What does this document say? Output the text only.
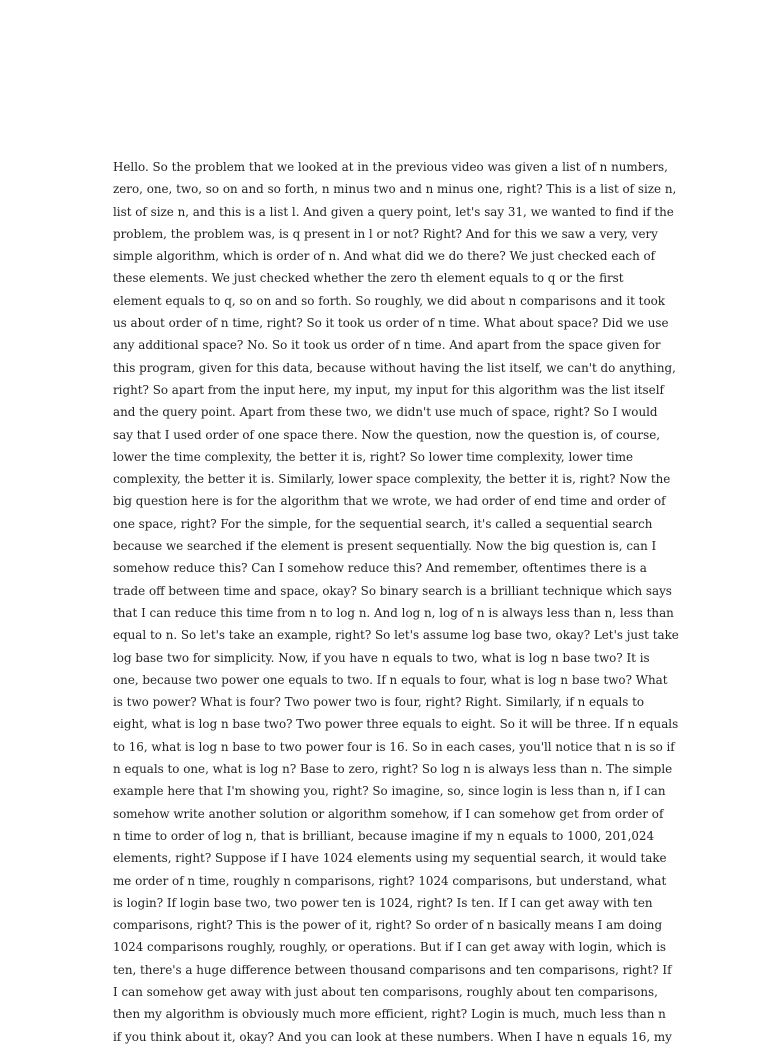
Hello. So the problem that we looked at in the previous video was given a list of n numbers,
zero, one, two, so on and so forth, n minus two and n minus one, right? This is a list of size n,
list of size n, and this is a list l. And given a query point, let's say 31, we wanted to find if the
problem, the problem was, is q present in l or not? Right? And for this we saw a very, very
simple algorithm, which is order of n. And what did we do there? We just checked each of
these elements. We just checked whether the zero th element equals to q or the first
element equals to q, so on and so forth. So roughly, we did about n comparisons and it took
us about order of n time, right? So it took us order of n time. What about space? Did we use
any additional space? No. So it took us order of n time. And apart from the space given for
this program, given for this data, because without having the list itself, we can't do anything,
right? So apart from the input here, my input, my input for this algorithm was the list itself
and the query point. Apart from these two, we didn't use much of space, right? So I would
say that I used order of one space there. Now the question, now the question is, of course,
lower the time complexity, the better it is, right? So lower time complexity, lower time
complexity, the better it is. Similarly, lower space complexity, the better it is, right? Now the
big question here is for the algorithm that we wrote, we had order of end time and order of
one space, right? For the simple, for the sequential search, it's called a sequential search
because we searched if the element is present sequentially. Now the big question is, can I
somehow reduce this? Can I somehow reduce this? And remember, oftentimes there is a
trade off between time and space, okay? So binary search is a brilliant technique which says
that I can reduce this time from n to log n. And log n, log of n is always less than n, less than
equal to n. So let's take an example, right? So let's assume log base two, okay? Let's just take
log base two for simplicity. Now, if you have n equals to two, what is log n base two? It is
one, because two power one equals to two. If n equals to four, what is log n base two? What
is two power? What is four? Two power two is four, right? Right. Similarly, if n equals to
eight, what is log n base two? Two power three equals to eight. So it will be three. If n equals
to 16, what is log n base to two power four is 16. So in each cases, you'll notice that n is so if
n equals to one, what is log n? Base to zero, right? So log n is always less than n. The simple
example here that I'm showing you, right? So imagine, so, since login is less than n, if I can
somehow write another solution or algorithm somehow, if I can somehow get from order of
n time to order of log n, that is brilliant, because imagine if my n equals to 1000, 201,024
elements, right? Suppose if I have 1024 elements using my sequential search, it would take
me order of n time, roughly n comparisons, right? 1024 comparisons, but understand, what
is login? If login base two, two power ten is 1024, right? Is ten. If I can get away with ten
comparisons, right? This is the power of it, right? So order of n basically means I am doing
1024 comparisons roughly, roughly, or operations. But if I can get away with login, which is
ten, there's a huge difference between thousand comparisons and ten comparisons, right? If
I can somehow get away with just about ten comparisons, roughly about ten comparisons,
then my algorithm is obviously much more efficient, right? Login is much, much less than n
if you think about it, okay? And you can look at these numbers. When I have n equals 16, my
